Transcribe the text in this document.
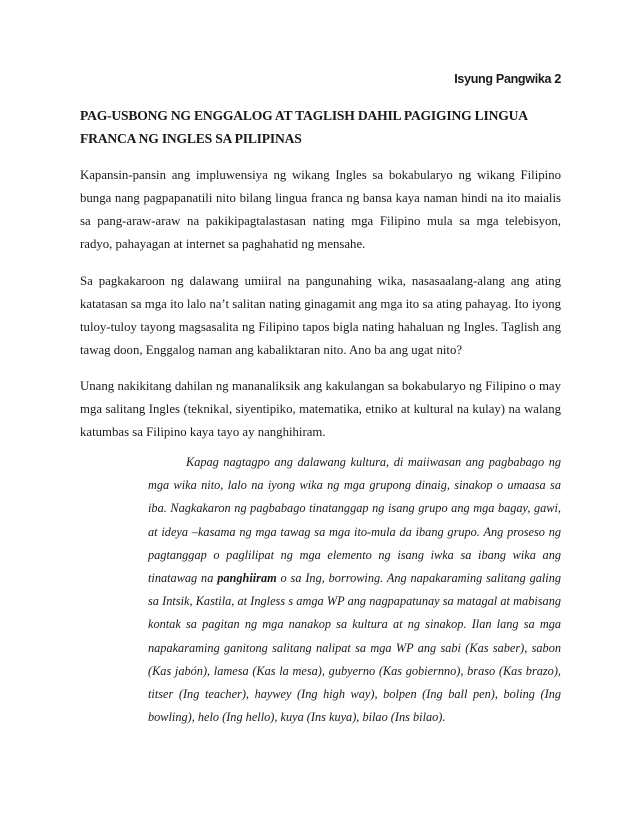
Isyung Pangwika 2
PAG-USBONG NG ENGGALOG AT TAGLISH DAHIL PAGIGING LINGUA FRANCA NG INGLES SA PILIPINAS

Kapansin-pansin ang impluwensiya ng wikang Ingles sa bokabularyo ng wikang Filipino bunga nang pagpapanatili nito bilang lingua franca ng bansa kaya naman hindi na ito maialis sa pang-araw-araw na pakikipagtalastasan nating mga Filipino mula sa mga telebisyon, radyo, pahayagan at internet sa paghahatid ng mensahe.

Sa pagkakaroon ng dalawang umiiral na pangunahing wika, nasasaalang-alang ang ating katatasan sa mga ito lalo na’t salitan nating ginagamit ang mga ito sa ating pahayag. Ito iyong tuloy-tuloy tayong magsasalita ng Filipino tapos bigla nating hahaluan ng Ingles. Taglish ang tawag doon, Enggalog naman ang kabaliktaran nito. Ano ba ang ugat nito?

Unang nakikitang dahilan ng mananaliksik ang kakulangan sa bokabularyo ng Filipino o may mga salitang Ingles (teknikal, siyentipiko, matematika, etniko at kultural na kulay) na walang katumbas sa Filipino kaya tayo ay nanghihiram.

Kapag nagtagpo ang dalawang kultura, di maiiwasan ang pagbabago ng mga wika nito, lalo na iyong wika ng mga grupong dinaig, sinakop o umaasa sa iba. Nagkakaron ng pagbabago tinatanggap ng isang grupo ang mga bagay, gawi, at ideya –kasama ng mga tawag sa mga ito-mula da ibang grupo. Ang proseso ng pagtanggap o paglilipat ng mga elemento ng isang iwka sa ibang wika ang tinatawag na panghiiram o sa Ing, borrowing. Ang napakaraming salitang galing sa Intsik, Kastila, at Ingless s amga WP ang nagpapatunay sa matagal at mabisang kontak sa pagitan ng mga nanakop sa kultura at ng sinakop. Ilan lang sa mga napakaraming ganitong salitang nalipat sa mga WP ang sabi (Kas saber), sabon (Kas jabón), lamesa (Kas la mesa), gubyerno (Kas gobiernno), braso (Kas brazo), titser (Ing teacher), haywey (Ing high way), bolpen (Ing ball pen), boling (Ing bowling), helo (Ing hello), kuya (Ins kuya), bilao (Ins bilao).
